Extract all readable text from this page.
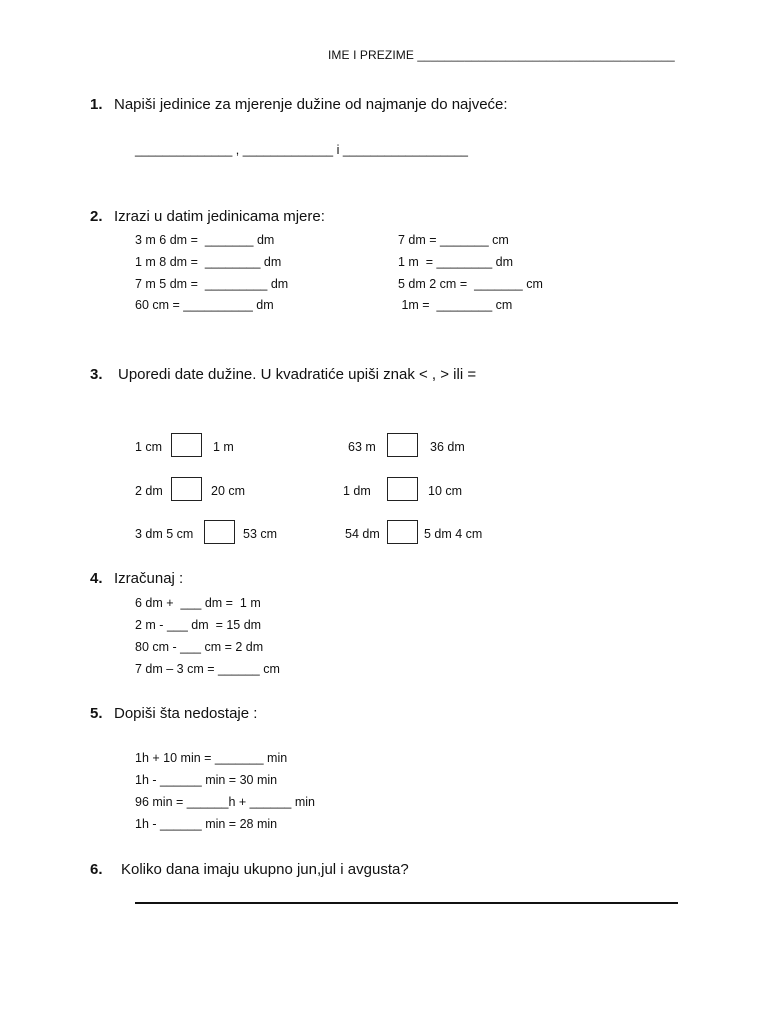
IME I PREZIME ______________________________________
1. Napiši jedinice za mjerenje dužine od najmanje do najveće:
______________ , _____________ i __________________
2. Izrazi u datim jedinicama mjere:
3 m 6 dm =  _______ dm
1 m 8 dm =  ________ dm
7 m 5 dm =  _________ dm
60 cm = __________ dm
7 dm = _______ cm
1 m  = ________ dm
5 dm 2 cm =  _______ cm
1m =  ________ cm
3. Uporedi date dužine. U kvadratiće upiši znak < , > ili =
1 cm	1 m	63 m	36 dm
2 dm	20 cm	1 dm	10 cm
3 dm 5 cm	53 cm	54 dm	5 dm 4 cm
4. Izračunaj :
6 dm +  ___ dm =  1 m
2 m - ___ dm  = 15 dm
80 cm - ___ cm = 2 dm
7 dm – 3 cm = ______ cm
5. Dopiši šta nedostaje :
1h + 10 min = _______ min
1h - ______ min = 30 min
96 min = ______h + ______ min
1h - ______ min = 28 min
6. Koliko dana imaju ukupno jun,jul i avgusta?
